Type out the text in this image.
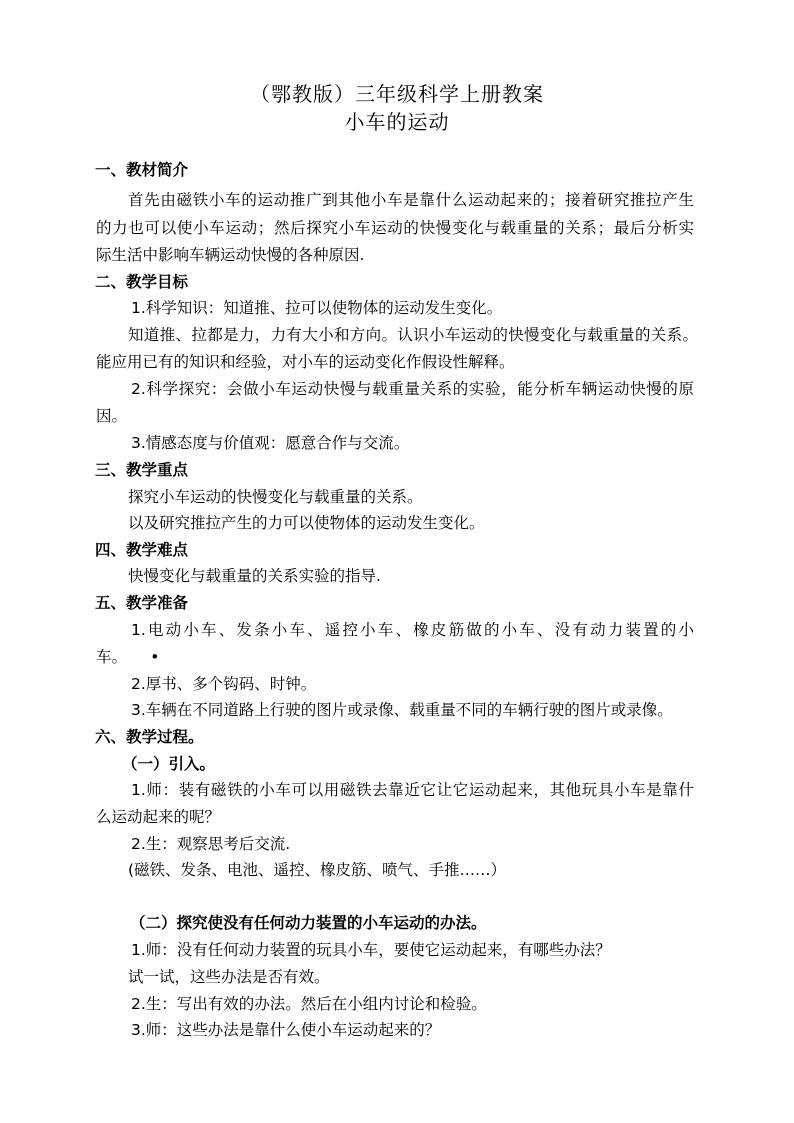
（鄂教版）三年级科学上册教案
小车的运动
一、教材简介
首先由磁铁小车的运动推广到其他小车是靠什么运动起来的；接着研究推拉产生
的力也可以使小车运动；然后探究小车运动的快慢变化与载重量的关系；最后分析实
际生活中影响车辆运动快慢的各种原因.
二、教学目标
1.科学知识：知道推、拉可以使物体的运动发生变化。
知道推、拉都是力，力有大小和方向。认识小车运动的快慢变化与载重量的关系。
能应用已有的知识和经验，对小车的运动变化作假设性解释。
2.科学探究：会做小车运动快慢与载重量关系的实验，能分析车辆运动快慢的原
因。
3.情感态度与价值观：愿意合作与交流。
三、教学重点
探究小车运动的快慢变化与载重量的关系。
以及研究推拉产生的力可以使物体的运动发生变化。
四、教学难点
快慢变化与载重量的关系实验的指导.
五、教学准备
1.电动小车、发条小车、遥控小车、橡皮筋做的小车、没有动力装置的小
车。　　•
2.厚书、多个钩码、时钟。
3.车辆在不同道路上行驶的图片或录像、载重量不同的车辆行驶的图片或录像。
六、教学过程。
（一）引入。
1.师：装有磁铁的小车可以用磁铁去靠近它让它运动起来，其他玩具小车是靠什
么运动起来的呢？
2.生：观察思考后交流.
(磁铁、发条、电池、遥控、橡皮筋、喷气、手推……）
（二）探究使没有任何动力装置的小车运动的办法。
1.师：没有任何动力装置的玩具小车，要使它运动起来，有哪些办法？
试一试，这些办法是否有效。
2.生：写出有效的办法。然后在小组内讨论和检验。
3.师：这些办法是靠什么使小车运动起来的？
